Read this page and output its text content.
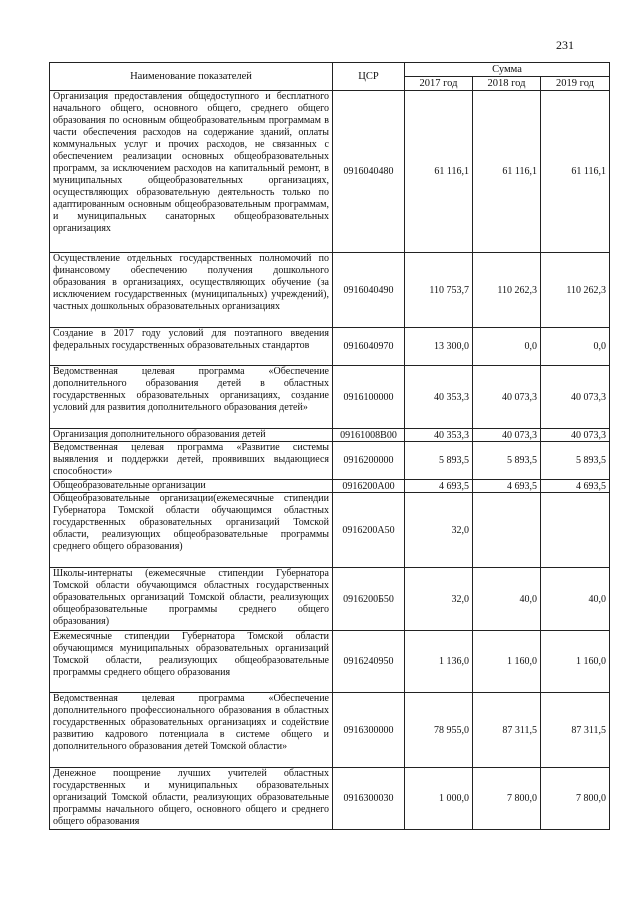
231
Наименование показателей	ЦСР	Сумма		
		2017 год	2018 год	2019 год
Организация предоставления общедоступного и бесплатного начального общего, основного общего, среднего общего образования по основным общеобразовательным программам в части обеспечения расходов на содержание зданий, оплаты коммунальных услуг и прочих расходов, не связанных с обеспечением реализации основных общеобразовательных программ, за исключением расходов на капитальный ремонт, в муниципальных общеобразовательных организациях, осуществляющих образовательную деятельность только по адаптированным основным общеобразовательным программам, и муниципальных санаторных общеобразовательных организациях	0916040480	61 116,1	61 116,1	61 116,1
Осуществление отдельных государственных полномочий по финансовому обеспечению получения дошкольного образования в организациях, осуществляющих обучение (за исключением государственных (муниципальных) учреждений), частных дошкольных образовательных организациях	0916040490	110 753,7	110 262,3	110 262,3
Создание в 2017 году условий для поэтапного введения федеральных государственных образовательных стандартов	0916040970	13 300,0	0,0	0,0
Ведомственная целевая программа «Обеспечение дополнительного образования детей в областных государственных образовательных организациях, создание условий для развития дополнительного образования детей»	0916100000	40 353,3	40 073,3	40 073,3
Организация дополнительного образования детей	09161008В00	40 353,3	40 073,3	40 073,3
Ведомственная целевая программа «Развитие системы выявления и поддержки детей, проявивших выдающиеся способности»	0916200000	5 893,5	5 893,5	5 893,5
Общеобразовательные организации	0916200А00	4 693,5	4 693,5	4 693,5
Общеобразовательные организации(ежемесячные стипендии Губернатора Томской области обучающимся областных государственных образовательных организаций Томской области, реализующих общеобразовательные программы среднего общего образования)	0916200А50	32,0		
Школы-интернаты (ежемесячные стипендии Губернатора Томской области обучающимся областных государственных образовательных организаций Томской области, реализующих общеобразовательные программы среднего общего образования)	0916200Б50	32,0	40,0	40,0
Ежемесячные стипендии Губернатора Томской области обучающимся муниципальных образовательных организаций Томской области, реализующих общеобразовательные программы среднего общего образования	0916240950	1 136,0	1 160,0	1 160,0
Ведомственная целевая программа «Обеспечение дополнительного профессионального образования в областных государственных образовательных организациях и содействие развитию кадрового потенциала в системе общего и дополнительного образования детей Томской области»	0916300000	78 955,0	87 311,5	87 311,5
Денежное поощрение лучших учителей областных государственных и муниципальных образовательных организаций Томской области, реализующих образовательные программы начального общего, основного общего и среднего общего образования	0916300030	1 000,0	7 800,0	7 800,0
